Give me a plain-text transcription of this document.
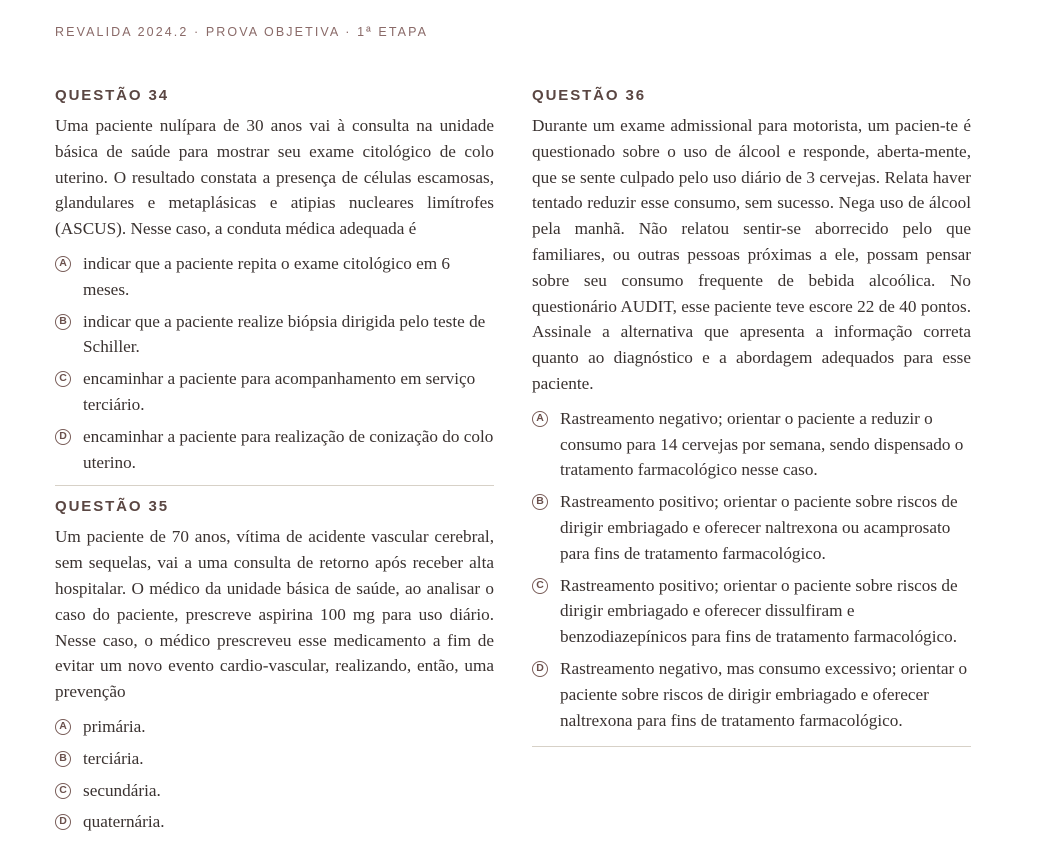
REVALIDA 2024.2 · PROVA OBJETIVA · 1ª ETAPA
QUESTÃO 34
Uma paciente nulípara de 30 anos vai à consulta na unidade básica de saúde para mostrar seu exame citológico de colo uterino. O resultado constata a presença de células escamosas, glandulares e metaplásicas e atipias nucleares limítrofes (ASCUS). Nesse caso, a conduta médica adequada é
A indicar que a paciente repita o exame citológico em 6 meses.
B indicar que a paciente realize biópsia dirigida pelo teste de Schiller.
C encaminhar a paciente para acompanhamento em serviço terciário.
D encaminhar a paciente para realização de conização do colo uterino.
QUESTÃO 35
Um paciente de 70 anos, vítima de acidente vascular cerebral, sem sequelas, vai a uma consulta de retorno após receber alta hospitalar. O médico da unidade básica de saúde, ao analisar o caso do paciente, prescreve aspirina 100 mg para uso diário. Nesse caso, o médico prescreveu esse medicamento a fim de evitar um novo evento cardio-vascular, realizando, então, uma prevenção
A primária.
B terciária.
C secundária.
D quaternária.
QUESTÃO 36
Durante um exame admissional para motorista, um pacien-te é questionado sobre o uso de álcool e responde, aberta-mente, que se sente culpado pelo uso diário de 3 cervejas. Relata haver tentado reduzir esse consumo, sem sucesso. Nega uso de álcool pela manhã. Não relatou sentir-se aborrecido pelo que familiares, ou outras pessoas próximas a ele, possam pensar sobre seu consumo frequente de bebida alcoólica. No questionário AUDIT, esse paciente teve escore 22 de 40 pontos. Assinale a alternativa que apresenta a informação correta quanto ao diagnóstico e a abordagem adequados para esse paciente.
A Rastreamento negativo; orientar o paciente a reduzir o consumo para 14 cervejas por semana, sendo dispensado o tratamento farmacológico nesse caso.
B Rastreamento positivo; orientar o paciente sobre riscos de dirigir embriagado e oferecer naltrexona ou acamprosato para fins de tratamento farmacológico.
C Rastreamento positivo; orientar o paciente sobre riscos de dirigir embriagado e oferecer dissulfiram e benzodiazepínicos para fins de tratamento farmacológico.
D Rastreamento negativo, mas consumo excessivo; orientar o paciente sobre riscos de dirigir embriagado e oferecer naltrexona para fins de tratamento farmacológico.
